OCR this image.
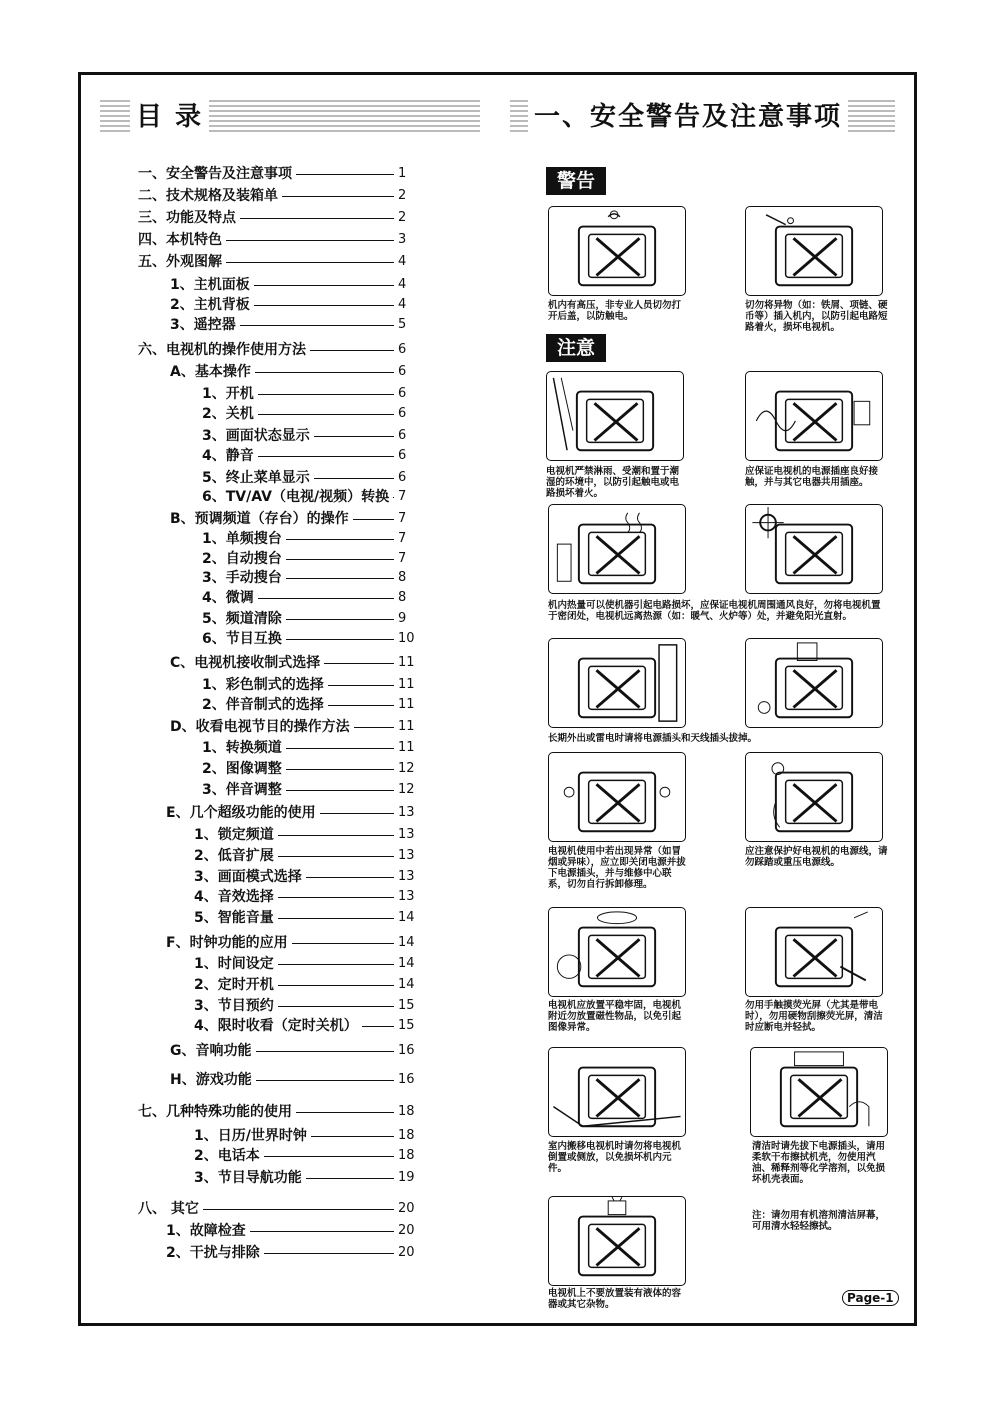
目 录	一、安全警告及注意事项
一、安全警告及注意事项	1
二、技术规格及装箱单	2
三、功能及特点	2
四、本机特色	3
五、外观图解	4
1、主机面板	4
2、主机背板	4
3、遥控器	5
六、电视机的操作使用方法	6
A、基本操作	6
1、开机	6
2、关机	6
3、画面状态显示	6
4、静音	6
5、终止菜单显示	6
6、TV/AV（电视/视频）转换 7
B、预调频道（存台）的操作	7
1、单频搜台	7
2、自动搜台	7
3、手动搜台	8
4、微调	8
5、频道清除	9
6、节目互换	10
C、电视机接收制式选择	11
1、彩色制式的选择	11
2、伴音制式的选择	11
D、收看电视节目的操作方法	11
1、转换频道	11
2、图像调整	12
3、伴音调整	12
E、几个超级功能的使用	13
1、锁定频道	13
2、低音扩展	13
3、画面模式选择	13
4、音效选择	13
5、智能音量	14
F、时钟功能的应用	14
1、时间设定	14
2、定时开机	14
3、节目预约	15
4、限时收看（定时关机）	15
G、音响功能	16
H、游戏功能	16
七、几种特殊功能的使用	18
1、日历/世界时钟	18
2、电话本	18
3、节目导航功能	19
八、 其它	20
1、故障检查	20
2、干扰与排除	20
警告
注意
机内有高压，非专业人员切勿打开后盖，以防触电。
切勿将异物（如：铁屑、项链、硬币等）插入机内，以防引起电路短路着火，损坏电视机。
电视机严禁淋雨、受潮和置于潮湿的环境中，以防引起触电或电路损坏着火。
应保证电视机的电源插座良好接触，并与其它电器共用插座。
机内热量可以使机器引起电路损坏，应保证电视机周围通风良好，勿将电视机置于密闭处，电视机远离热源（如：暖气、火炉等）处，并避免阳光直射。
长期外出或雷电时请将电源插头和天线插头拔掉。
电视机使用中若出现异常（如冒烟或异味），应立即关闭电源并拔下电源插头，并与维修中心联系，切勿自行拆卸修理。
应注意保护好电视机的电源线，请勿踩踏或重压电源线。
电视机应放置平稳牢固，电视机附近勿放置磁性物品，以免引起图像异常。
勿用手触摸荧光屏（尤其是带电时），勿用硬物刮擦荧光屏，清洁时应断电并轻拭。
室内搬移电视机时请勿将电视机倒置或侧放，以免损坏机内元件。
清洁时请先拔下电源插头，请用柔软干布擦拭机壳，勿使用汽油、稀释剂等化学溶剂，以免损坏机壳表面。
注：请勿用有机溶剂清洁屏幕，可用清水轻轻擦拭。
电视机上不要放置装有液体的容器或其它杂物。	Page-1
